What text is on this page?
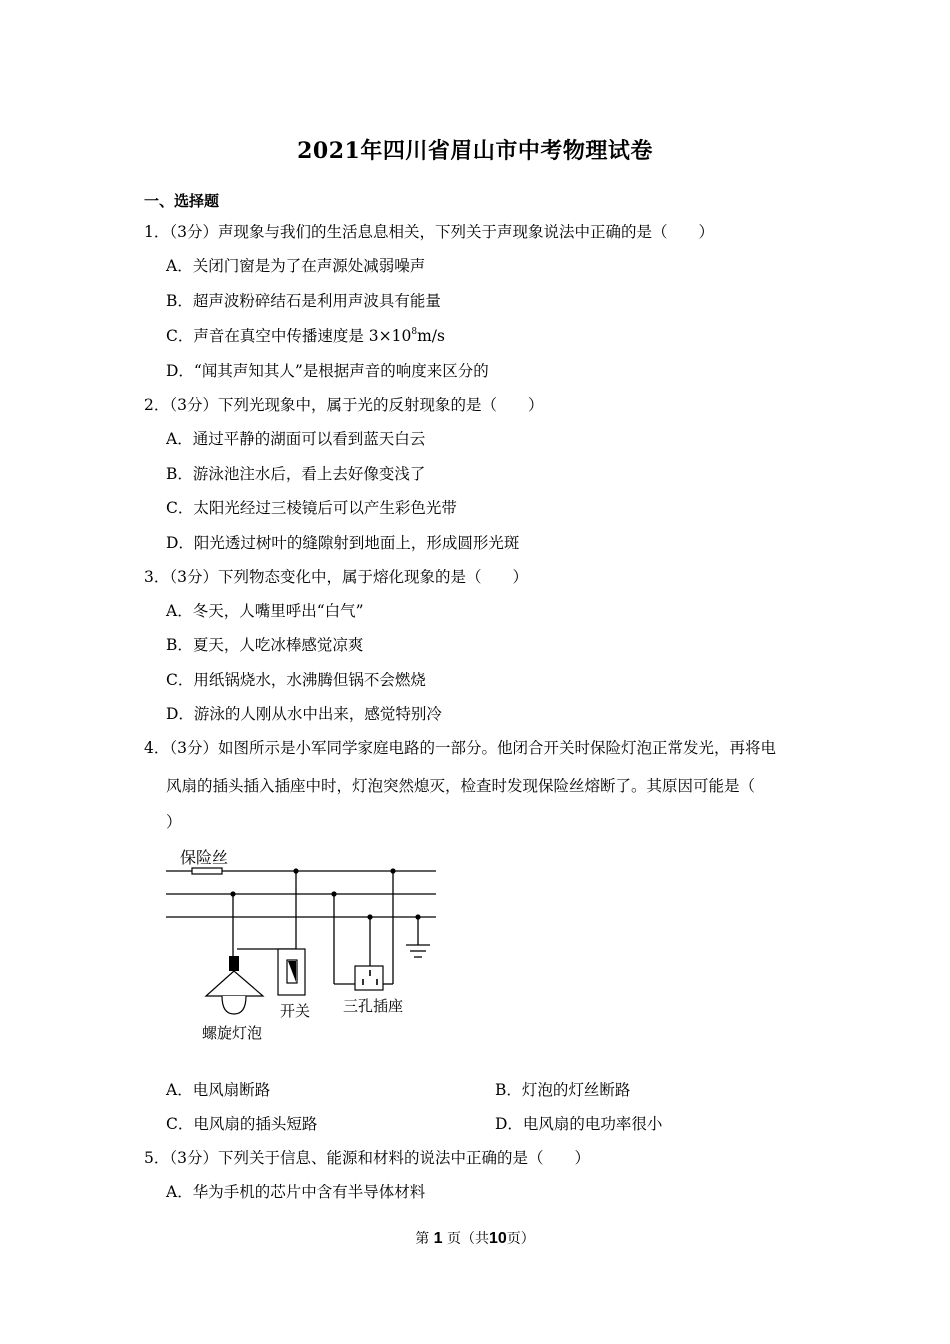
2021年四川省眉山市中考物理试卷
一、选择题
1．（3分）声现象与我们的生活息息相关，下列关于声现象说法中正确的是（　　）
A．关闭门窗是为了在声源处减弱噪声
B．超声波粉碎结石是利用声波具有能量
C．声音在真空中传播速度是 $3\times 10^8m/s$
D．“闻其声知其人”是根据声音的响度来区分的
2．（3分）下列光现象中，属于光的反射现象的是（　　）
A．通过平静的湖面可以看到蓝天白云
B．游泳池注水后，看上去好像变浅了
C．太阳光经过三棱镜后可以产生彩色光带
D．阳光透过树叶的缝隙射到地面上，形成圆形光斑
3．（3分）下列物态变化中，属于熔化现象的是（　　）
A．冬天，人嘴里呼出“白气”
B．夏天，人吃冰棒感觉凉爽
C．用纸锅烧水，水沸腾但锅不会燃烧
D．游泳的人刚从水中出来，感觉特别冷
4．（3分）如图所示是小军同学家庭电路的一部分。他闭合开关时保险灯泡正常发光，再将电
风扇的插头插入插座中时，灯泡突然熄灭，检查时发现保险丝熔断了。其原因可能是（
）
保险丝
螺旋灯泡
开关 三孔插座
A．电风扇断路	B．灯泡的灯丝断路
C．电风扇的插头短路	D．电风扇的电功率很小
5．（3分）下列关于信息、能源和材料的说法中正确的是（　　）
A．华为手机的芯片中含有半导体材料
第 1 页（共10页）
